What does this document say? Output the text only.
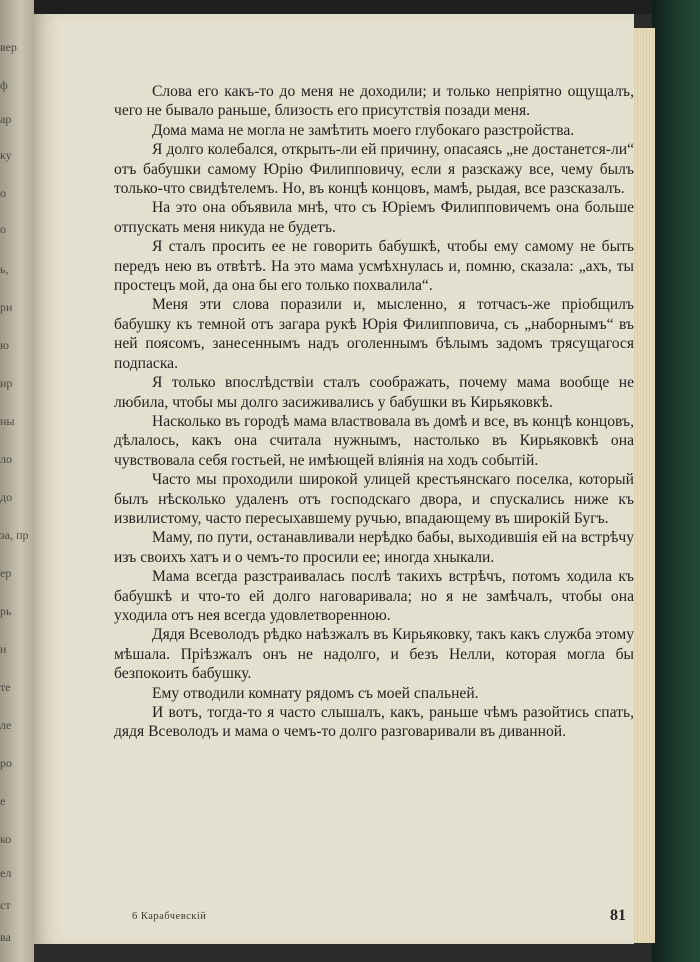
вер
ф
ар
ку
о
о
ь,
ри
ю
ир
ны
ло
до
за, пр
ер
рь
и
те
ле
ро
е
ко
ел
ст
ва

Слова его какъ-то до меня не доходили; и только непріятно ощущалъ, чего не бывало раньше, близость его присутствія позади меня.

Дома мама не могла не замѣтить моего глубокаго разстройства.

Я долго колебался, открыть-ли ей причину, опасаясь „не достанется-ли“ отъ бабушки самому Юрію Филипповичу, если я разскажу все, чему былъ только-что свидѣтелемъ. Но, въ концѣ концовъ, мамѣ, рыдая, все разсказалъ.

На это она объявила мнѣ, что съ Юріемъ Филипповичемъ она больше отпускать меня никуда не будетъ.

Я сталъ просить ее не говорить бабушкѣ, чтобы ему самому не быть передъ нею въ отвѣтѣ. На это мама усмѣхнулась и, помню, сказала: „ахъ, ты простецъ мой, да она бы его только похвалила“.

Меня эти слова поразили и, мысленно, я тотчасъ-же пріобщилъ бабушку къ темной отъ загара рукѣ Юрія Филипповича, съ „наборнымъ“ въ ней поясомъ, занесеннымъ надъ оголеннымъ бѣлымъ задомъ трясущагося подпаска.

Я только впослѣдствіи сталъ соображать, почему мама вообще не любила, чтобы мы долго засиживались у бабушки въ Кирьяковкѣ.

Насколько въ городѣ мама властвовала въ домѣ и все, въ концѣ концовъ, дѣлалось, какъ она считала нужнымъ, настолько въ Кирьяковкѣ она чувствовала себя гостьей, не имѣющей вліянія на ходъ событій.

Часто мы проходили широкой улицей крестьянскаго поселка, который былъ нѣсколько удаленъ отъ господскаго двора, и спускались ниже къ извилистому, часто пересыхавшему ручью, впадающему въ широкій Бугъ.

Маму, по пути, останавливали нерѣдко бабы, выходившія ей на встрѣчу изъ своихъ хатъ и о чемъ-то просили ее; иногда хныкали.

Мама всегда разстраивалась послѣ такихъ встрѣчъ, потомъ ходила къ бабушкѣ и что-то ей долго наговаривала; но я не замѣчалъ, чтобы она уходила отъ нея всегда удовлетворенною.

Дядя Всеволодъ рѣдко наѣзжалъ въ Кирьяковку, такъ какъ служба этому мѣшала. Пріѣзжалъ онъ не надолго, и безъ Нелли, которая могла бы безпокоить бабушку.

Ему отводили комнату рядомъ съ моей спальней.

И вотъ, тогда-то я часто слышалъ, какъ, раньше чѣмъ разойтись спать, дядя Всеволодъ и мама о чемъ-то долго разговаривали въ диванной.

6 Карабчевскій	81
